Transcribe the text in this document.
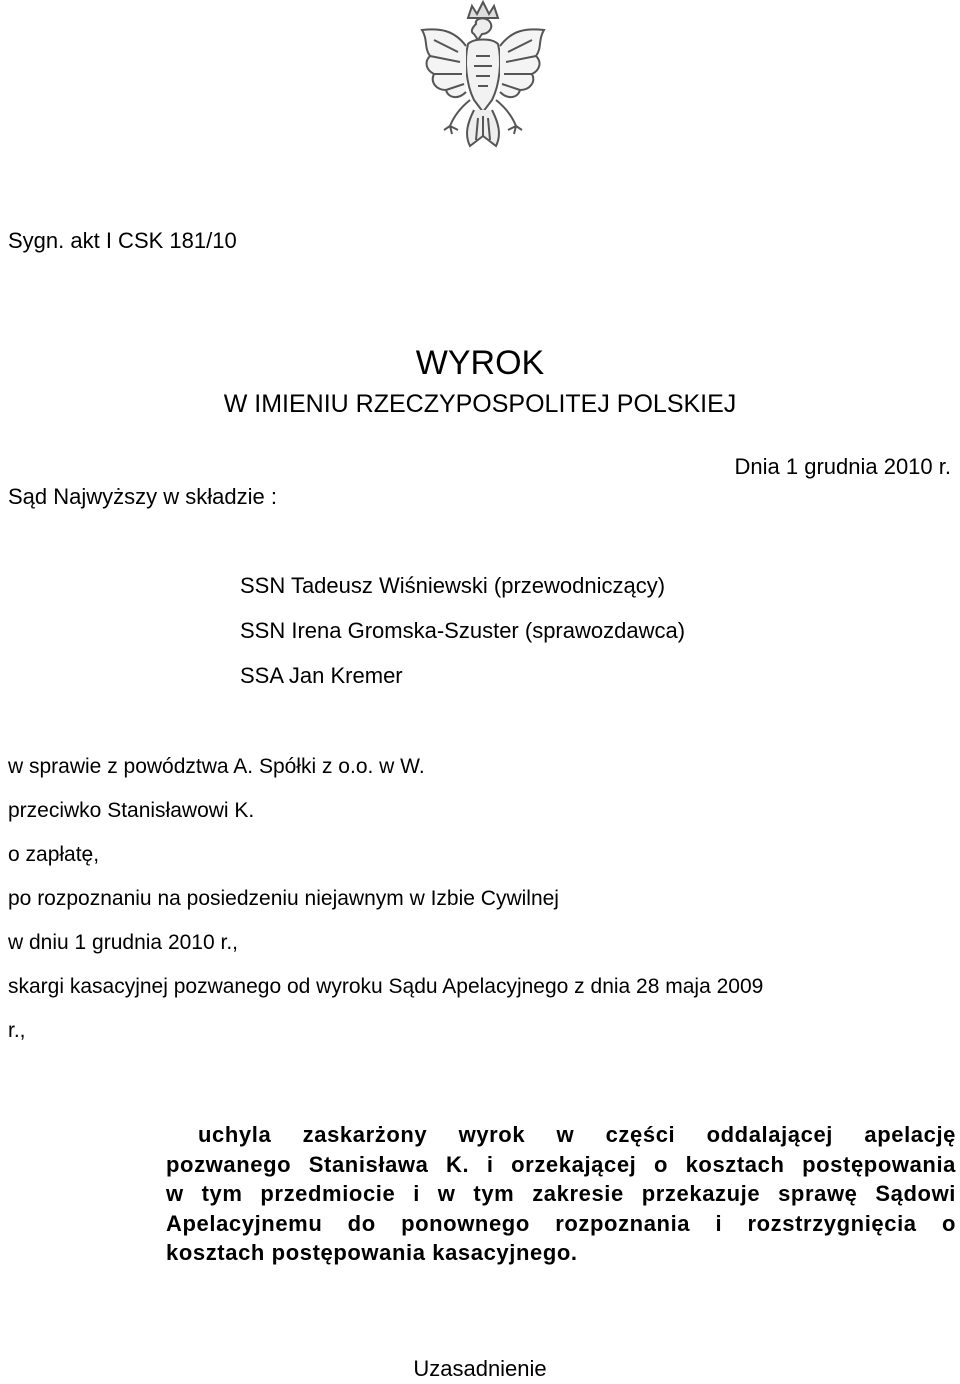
Sygn. akt I CSK 181/10
WYROK
W IMIENIU RZECZYPOSPOLITEJ POLSKIEJ
Dnia 1 grudnia 2010 r.
Sąd Najwyższy w składzie :
SSN Tadeusz Wiśniewski (przewodniczący)
SSN Irena Gromska-Szuster (sprawozdawca)
SSA Jan Kremer
w sprawie z powództwa A. Spółki z o.o. w W.
przeciwko Stanisławowi K.
o zapłatę,
po rozpoznaniu na posiedzeniu niejawnym w Izbie Cywilnej
w dniu 1 grudnia 2010 r.,
skargi kasacyjnej pozwanego od wyroku Sądu Apelacyjnego z dnia 28 maja 2009
r.,
uchyla zaskarżony wyrok w części oddalającej apelację
pozwanego Stanisława K. i orzekającej o kosztach postępowania
w tym przedmiocie i w tym zakresie przekazuje sprawę Sądowi
Apelacyjnemu do ponownego rozpoznania i rozstrzygnięcia o
kosztach postępowania kasacyjnego.
Uzasadnienie
